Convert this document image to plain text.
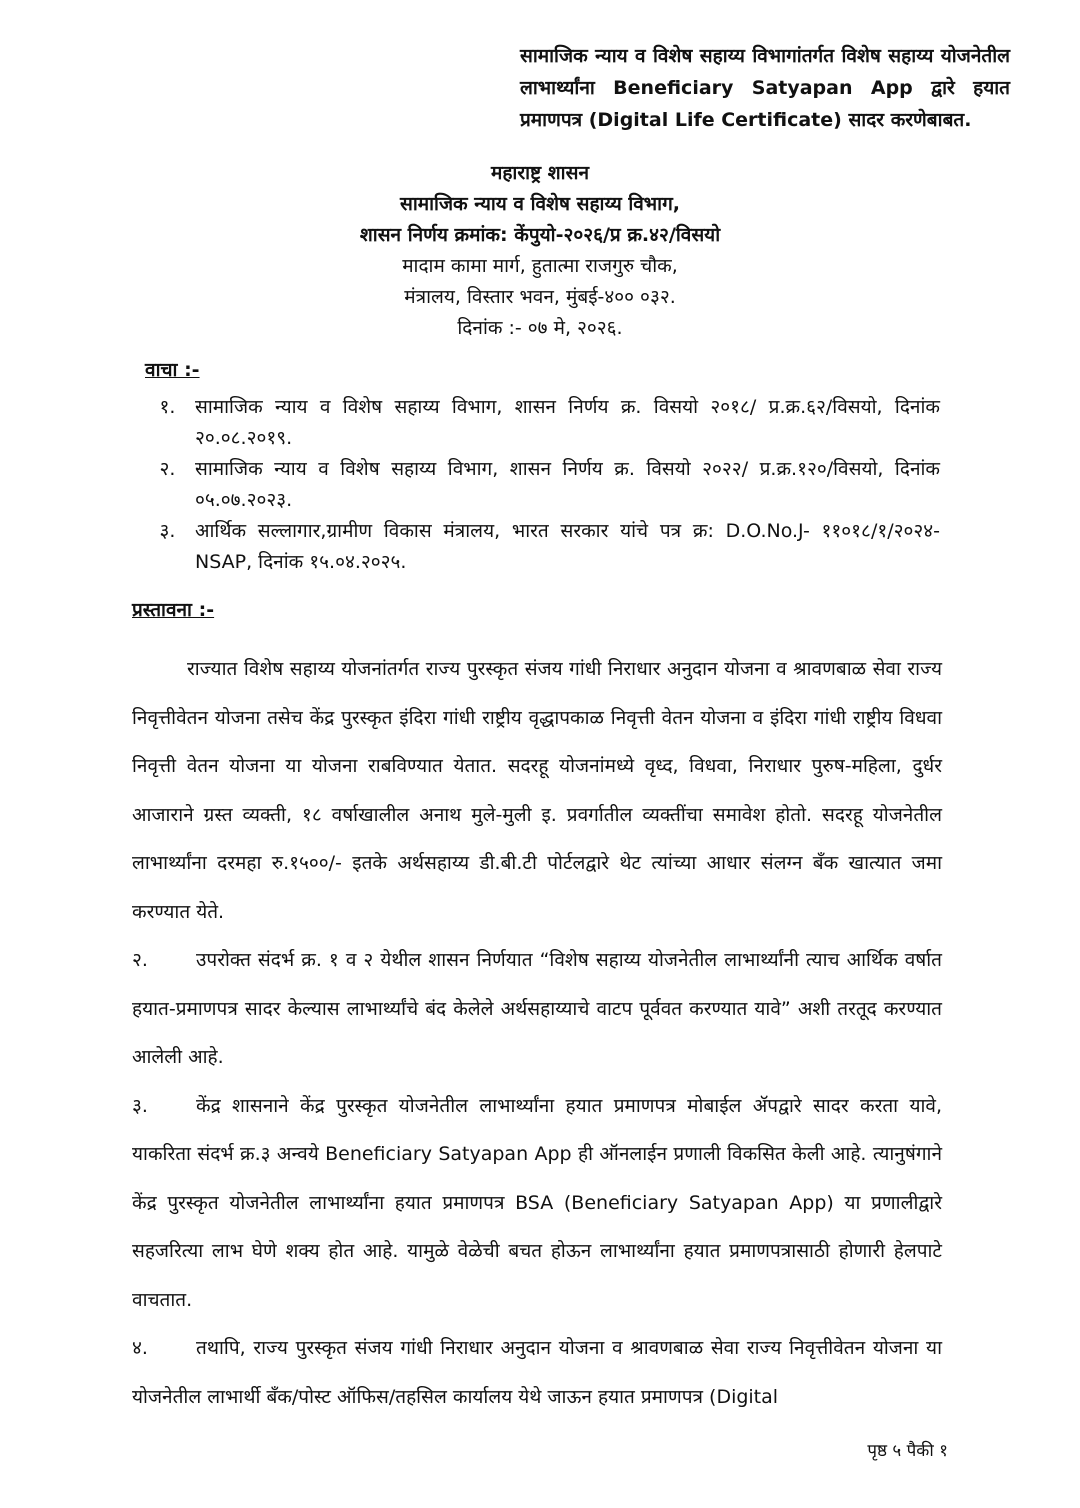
सामाजिक न्याय व विशेष सहाय्य विभागांतर्गत विशेष सहाय्य योजनेतील लाभार्थ्यांना Beneficiary Satyapan App द्वारे हयात प्रमाणपत्र (Digital Life Certificate) सादर करणेबाबत.
महाराष्ट्र शासन
सामाजिक न्याय व विशेष सहाय्य विभाग,
शासन निर्णय क्रमांक: केंपुयो-२०२६/प्र क्र.४२/विसयो
मादाम कामा मार्ग, हुतात्मा राजगुरु चौक,
मंत्रालय, विस्तार भवन, मुंबई-४०० ०३२.
दिनांक :- ०७ मे, २०२६.
वाचा :-
१.	सामाजिक न्याय व विशेष सहाय्य विभाग, शासन निर्णय क्र. विसयो २०१८/ प्र.क्र.६२/विसयो, दिनांक २०.०८.२०१९.
२.	सामाजिक न्याय व विशेष सहाय्य विभाग, शासन निर्णय क्र. विसयो २०२२/ प्र.क्र.१२०/विसयो, दिनांक ०५.०७.२०२३.
३.	आर्थिक सल्लागार,ग्रामीण विकास मंत्रालय, भारत सरकार यांचे पत्र क्र: D.O.No.J- ११०१८/१/२०२४-NSAP, दिनांक १५.०४.२०२५.
प्रस्तावना :-

राज्यात विशेष सहाय्य योजनांतर्गत राज्य पुरस्कृत संजय गांधी निराधार अनुदान योजना व श्रावणबाळ सेवा राज्य निवृत्तीवेतन योजना तसेच केंद्र पुरस्कृत इंदिरा गांधी राष्ट्रीय वृद्धापकाळ निवृत्ती वेतन योजना व इंदिरा गांधी राष्ट्रीय विधवा निवृत्ती वेतन योजना या योजना राबविण्यात येतात. सदरहू योजनांमध्ये वृध्द, विधवा, निराधार पुरुष-महिला, दुर्धर आजाराने ग्रस्त व्यक्ती, १८ वर्षाखालील अनाथ मुले-मुली इ. प्रवर्गातील व्यक्तींचा समावेश होतो. सदरहू योजनेतील लाभार्थ्यांना दरमहा रु.१५००/- इतके अर्थसहाय्य डी.बी.टी पोर्टलद्वारे थेट त्यांच्या आधार संलग्न बँक खात्यात जमा करण्यात येते.

२.	उपरोक्त संदर्भ क्र. १ व २ येथील शासन निर्णयात “विशेष सहाय्य योजनेतील लाभार्थ्यांनी त्याच आर्थिक वर्षात हयात-प्रमाणपत्र सादर केल्यास लाभार्थ्यांचे बंद केलेले अर्थसहाय्याचे वाटप पूर्ववत करण्यात यावे” अशी तरतूद करण्यात आलेली आहे.

३.	केंद्र शासनाने केंद्र पुरस्कृत योजनेतील लाभार्थ्यांना हयात प्रमाणपत्र मोबाईल ॲपद्वारे सादर करता यावे, याकरिता संदर्भ क्र.३ अन्वये Beneficiary Satyapan App ही ऑनलाईन प्रणाली विकसित केली आहे. त्यानुषंगाने केंद्र पुरस्कृत योजनेतील लाभार्थ्यांना हयात प्रमाणपत्र BSA (Beneficiary Satyapan App) या प्रणालीद्वारे सहजरित्या लाभ घेणे शक्य होत आहे. यामुळे वेळेची बचत होऊन लाभार्थ्यांना हयात प्रमाणपत्रासाठी होणारी हेलपाटे वाचतात.

४.	तथापि, राज्य पुरस्कृत संजय गांधी निराधार अनुदान योजना व श्रावणबाळ सेवा राज्य निवृत्तीवेतन योजना या योजनेतील लाभार्थी बँक/पोस्ट ऑफिस/तहसिल कार्यालय येथे जाऊन हयात प्रमाणपत्र (Digital

पृष्ठ ५ पैकी १
